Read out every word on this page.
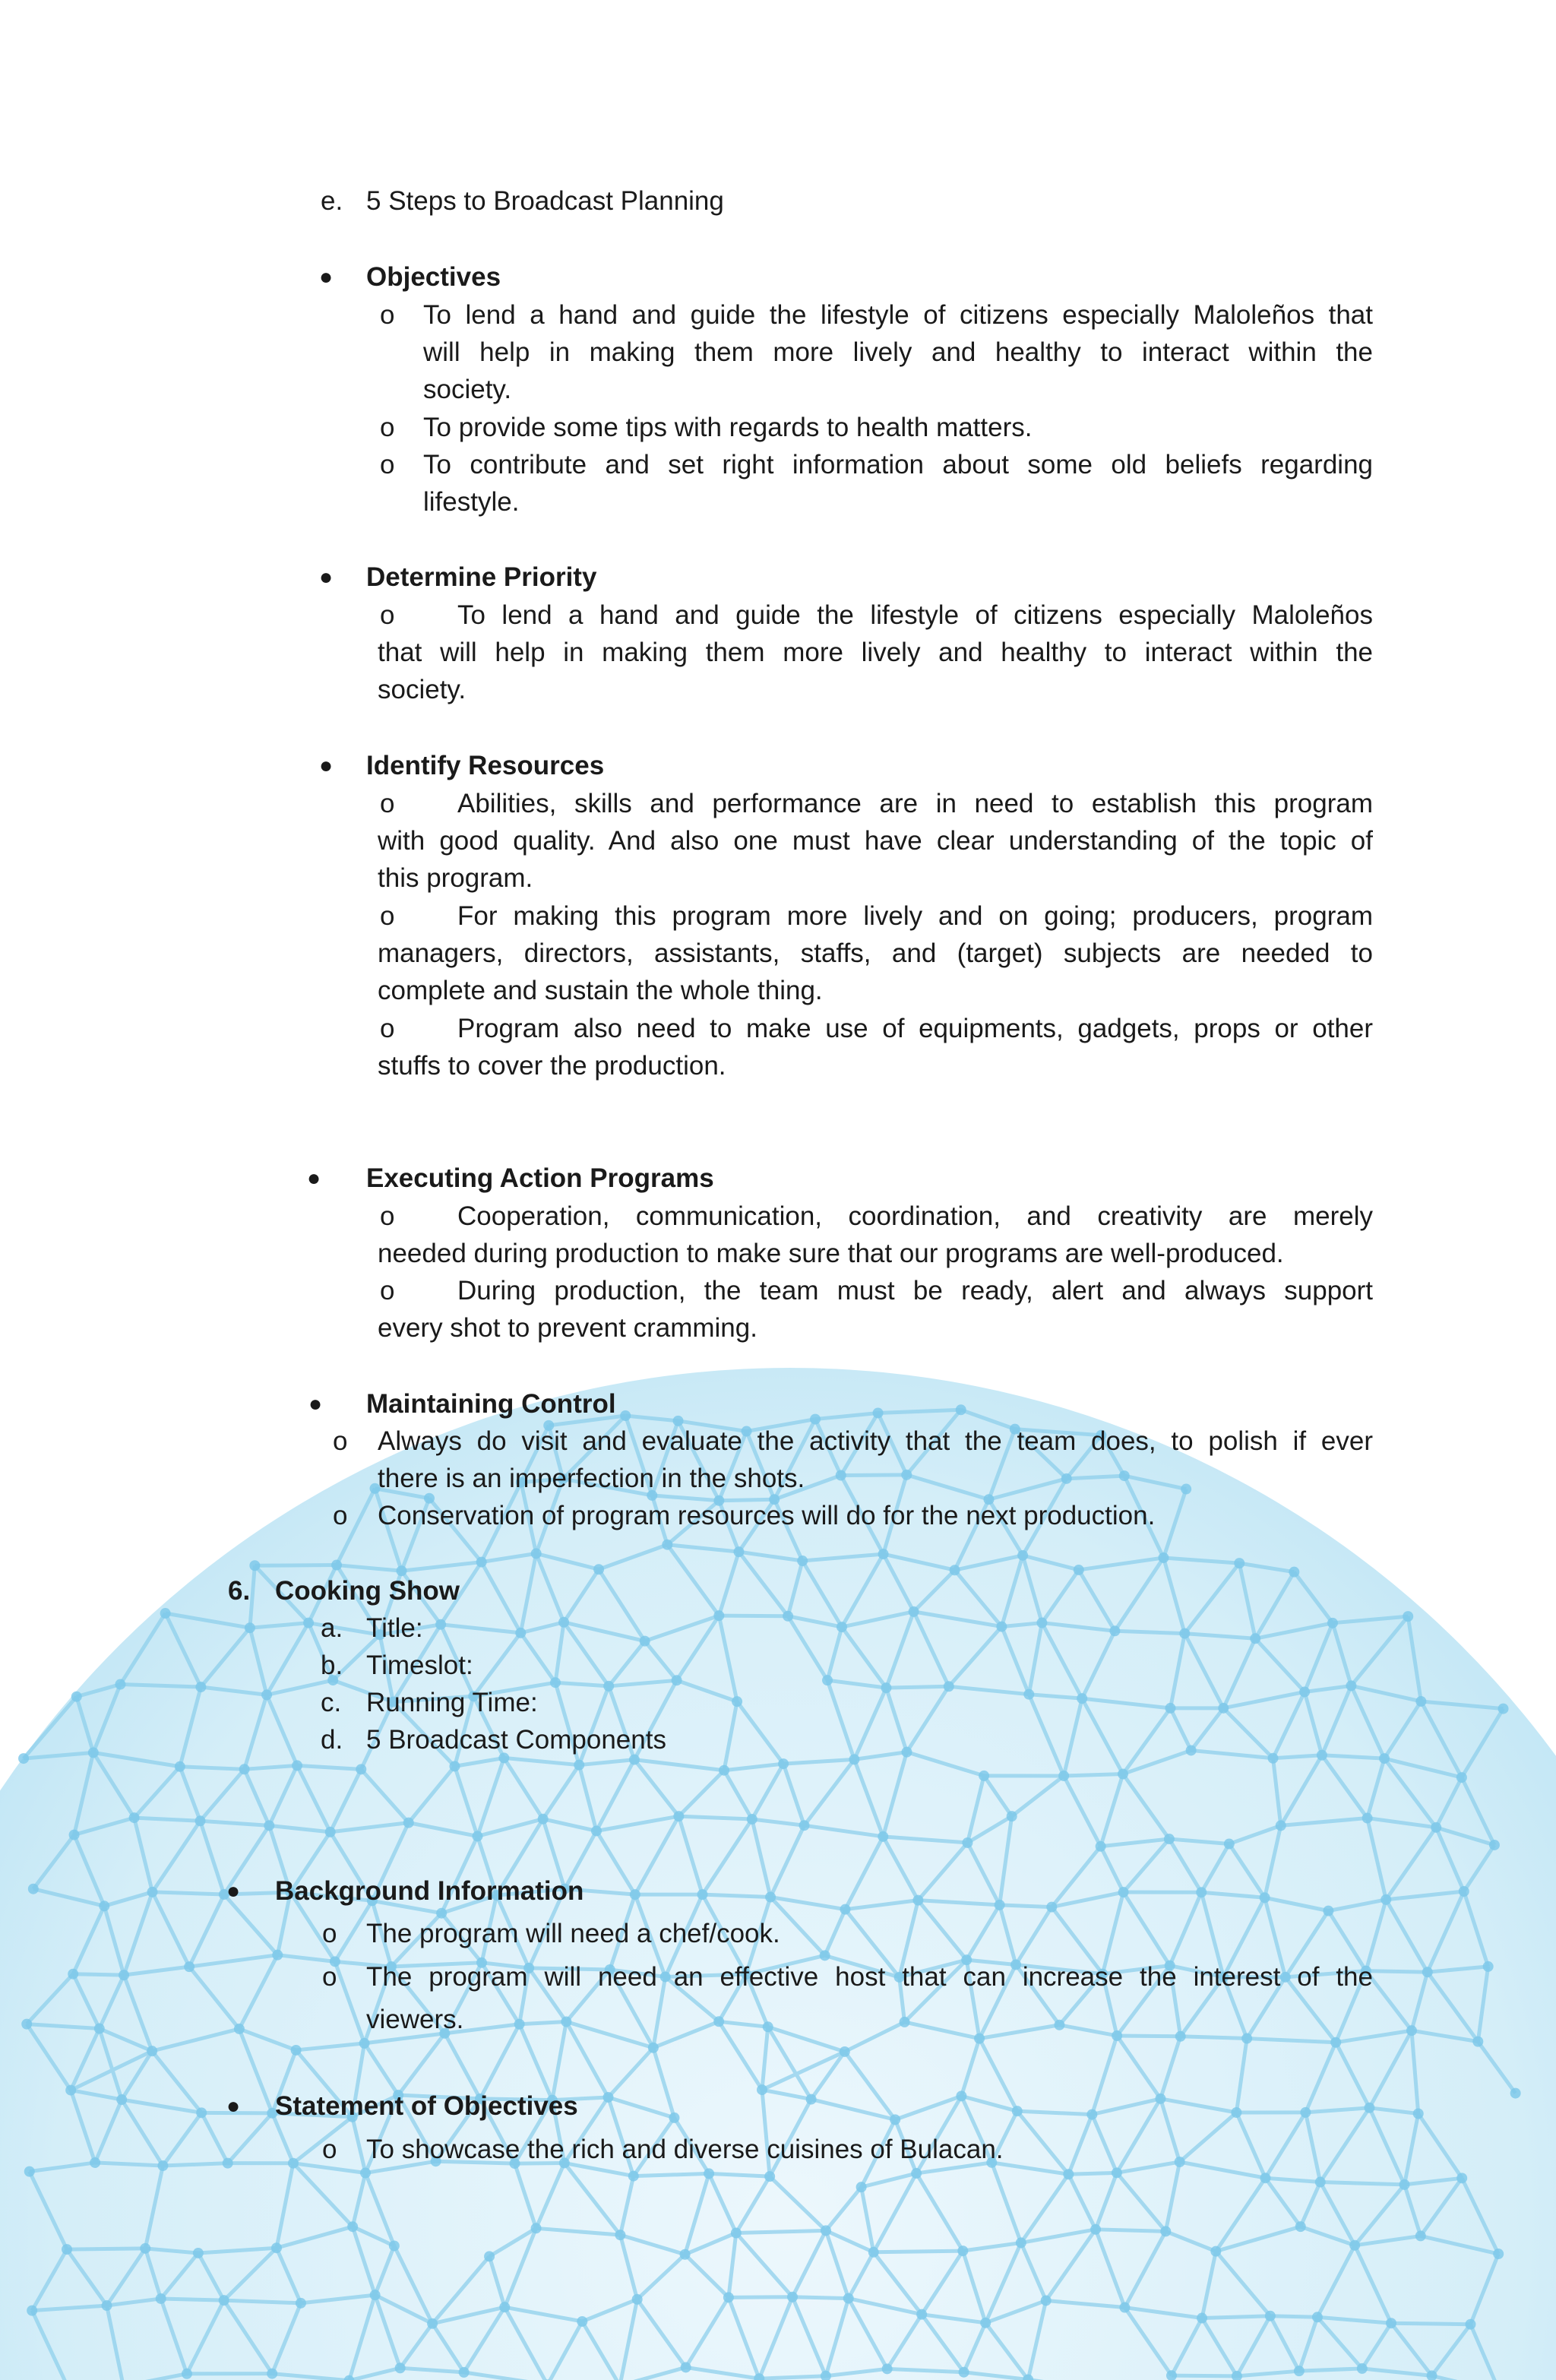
e. 5 Steps to Broadcast Planning
● Objectives
o To lend a hand and guide the lifestyle of citizens especially Maloleños that
will help in making them more lively and healthy to interact within the
society.
o To provide some tips with regards to health matters.
o To contribute and set right information about some old beliefs regarding
lifestyle.
● Determine Priority
o To lend a hand and guide the lifestyle of citizens especially Maloleños
that will help in making them more lively and healthy to interact within the
society.
● Identify Resources
o Abilities, skills and performance are in need to establish this program
with good quality. And also one must have clear understanding of the topic of
this program.
o For making this program more lively and on going; producers, program
managers, directors, assistants, staffs, and (target) subjects are needed to
complete and sustain the whole thing.
o Program also need to make use of equipments, gadgets, props or other
stuffs to cover the production.
● Executing Action Programs
o Cooperation, communication, coordination, and creativity are merely
needed during production to make sure that our programs are well-produced.
o During production, the team must be ready, alert and always support
every shot to prevent cramming.
● Maintaining Control
o Always do visit and evaluate the activity that the team does, to polish if ever
there is an imperfection in the shots.
o Conservation of program resources will do for the next production.
6. Cooking Show
a. Title:
b. Timeslot:
c. Running Time:
d. 5 Broadcast Components
● Background Information
o The program will need a chef/cook.
o The program will need an effective host that can increase the interest of the
viewers.
● Statement of Objectives
o To showcase the rich and diverse cuisines of Bulacan.
